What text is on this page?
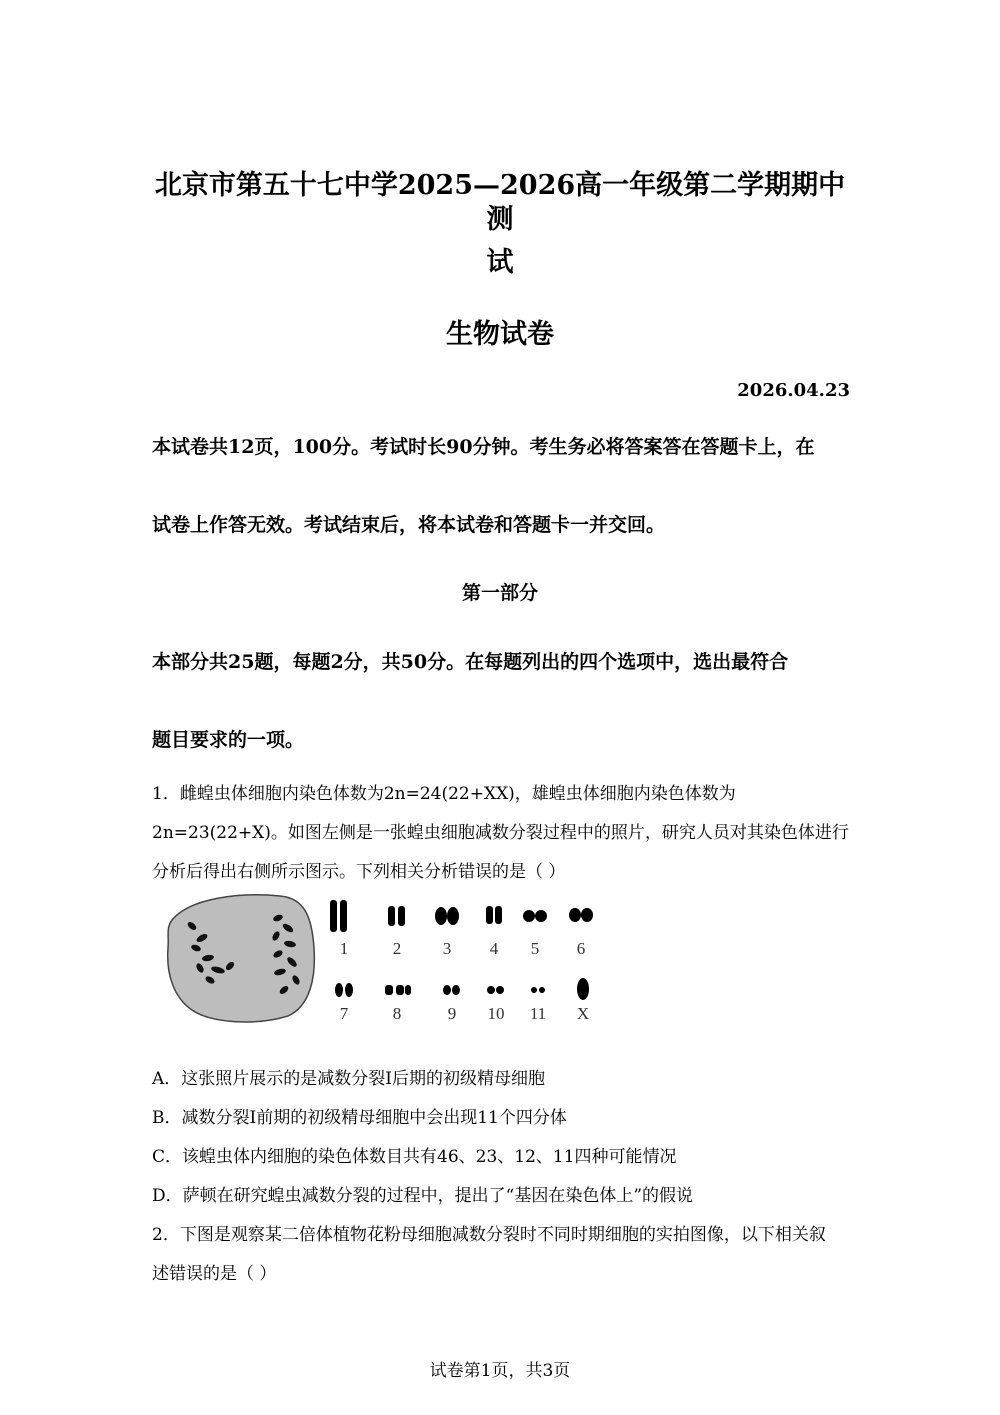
北京市第五十七中学2025—2026高一年级第二学期期中测
试
生物试卷
2026.04.23
本试卷共12页，100分。考试时长90分钟。考生务必将答案答在答题卡上，在
试卷上作答无效。考试结束后，将本试卷和答题卡一并交回。
第一部分
本部分共25题，每题2分，共50分。在每题列出的四个选项中，选出最符合
题目要求的一项。
1．雌蝗虫体细胞内染色体数为2n=24(22+XX)，雄蝗虫体细胞内染色体数为
2n=23(22+X)。如图左侧是一张蝗虫细胞减数分裂过程中的照片，研究人员对其染色体进行
分析后得出右侧所示图示。下列相关分析错误的是（ ）
1	2 3 4 5 6
7	8	9 10 11 X
A．这张照片展示的是减数分裂Ⅰ后期的初级精母细胞
B．减数分裂Ⅰ前期的初级精母细胞中会出现11个四分体
C．该蝗虫体内细胞的染色体数目共有46、23、12、11四种可能情况
D．萨顿在研究蝗虫减数分裂的过程中，提出了“基因在染色体上”的假说
2．下图是观察某二倍体植物花粉母细胞减数分裂时不同时期细胞的实拍图像，以下相关叙
述错误的是（ ）
试卷第1页，共3页
